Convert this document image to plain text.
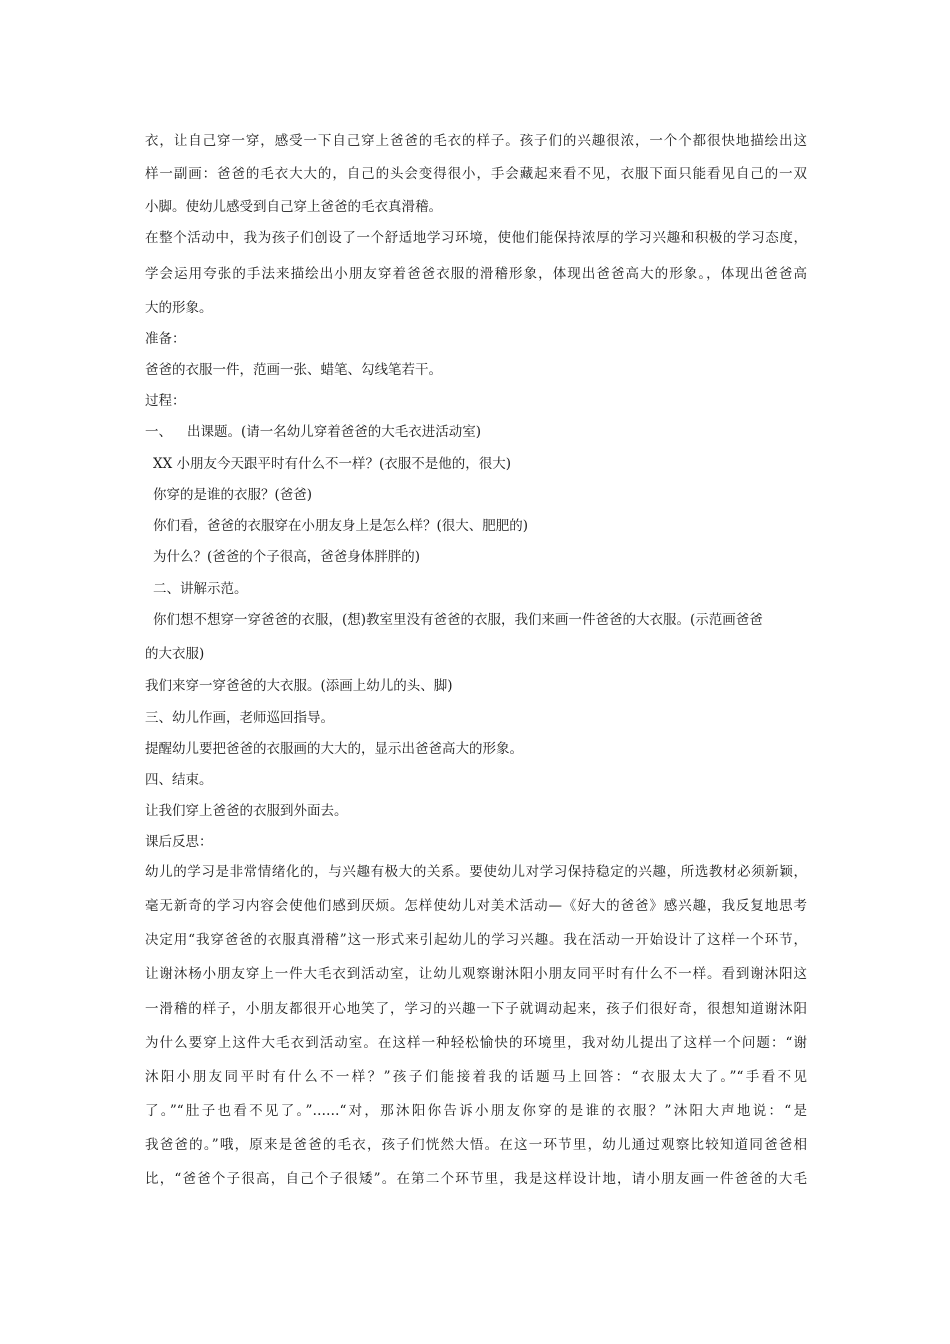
衣，让自己穿一穿，感受一下自己穿上爸爸的毛衣的样子。孩子们的兴趣很浓，一个个都很快地描绘出这
样一副画：爸爸的毛衣大大的，自己的头会变得很小，手会藏起来看不见，衣服下面只能看见自己的一双
小脚。使幼儿感受到自己穿上爸爸的毛衣真滑稽。
在整个活动中，我为孩子们创设了一个舒适地学习环境，使他们能保持浓厚的学习兴趣和积极的学习态度，
学会运用夸张的手法来描绘出小朋友穿着爸爸衣服的滑稽形象，体现出爸爸高大的形象。，体现出爸爸高
大的形象。
准备：
爸爸的衣服一件，范画一张、蜡笔、勾线笔若干。
过程：
一、 出课题。(请一名幼儿穿着爸爸的大毛衣进活动室)
XX 小朋友今天跟平时有什么不一样？(衣服不是他的，很大)
你穿的是谁的衣服？(爸爸)
你们看，爸爸的衣服穿在小朋友身上是怎么样？(很大、肥肥的)
为什么？(爸爸的个子很高，爸爸身体胖胖的)
二、讲解示范。
你们想不想穿一穿爸爸的衣服，(想)教室里没有爸爸的衣服，我们来画一件爸爸的大衣服。(示范画爸爸
的大衣服)
我们来穿一穿爸爸的大衣服。(添画上幼儿的头、脚)
三、幼儿作画，老师巡回指导。
提醒幼儿要把爸爸的衣服画的大大的，显示出爸爸高大的形象。
四、结束。
让我们穿上爸爸的衣服到外面去。
课后反思：
幼儿的学习是非常情绪化的，与兴趣有极大的关系。要使幼儿对学习保持稳定的兴趣，所选教材必须新颖，
毫无新奇的学习内容会使他们感到厌烦。怎样使幼儿对美术活动—《好大的爸爸》感兴趣，我反复地思考
决定用“我穿爸爸的衣服真滑稽”这一形式来引起幼儿的学习兴趣。我在活动一开始设计了这样一个环节，
让谢沐杨小朋友穿上一件大毛衣到活动室，让幼儿观察谢沐阳小朋友同平时有什么不一样。看到谢沐阳这
一滑稽的样子，小朋友都很开心地笑了，学习的兴趣一下子就调动起来，孩子们很好奇，很想知道谢沐阳
为什么要穿上这件大毛衣到活动室。在这样一种轻松愉快的环境里，我对幼儿提出了这样一个问题：“谢
沐阳小朋友同平时有什么不一样？”孩子们能接着我的话题马上回答：“衣服太大了。”“手看不见
了。”“肚子也看不见了。”……“对，那沐阳你告诉小朋友你穿的是谁的衣服？”沐阳大声地说：“是
我爸爸的。”哦，原来是爸爸的毛衣，孩子们恍然大悟。在这一环节里，幼儿通过观察比较知道同爸爸相
比，“爸爸个子很高，自己个子很矮”。在第二个环节里，我是这样设计地，请小朋友画一件爸爸的大毛
